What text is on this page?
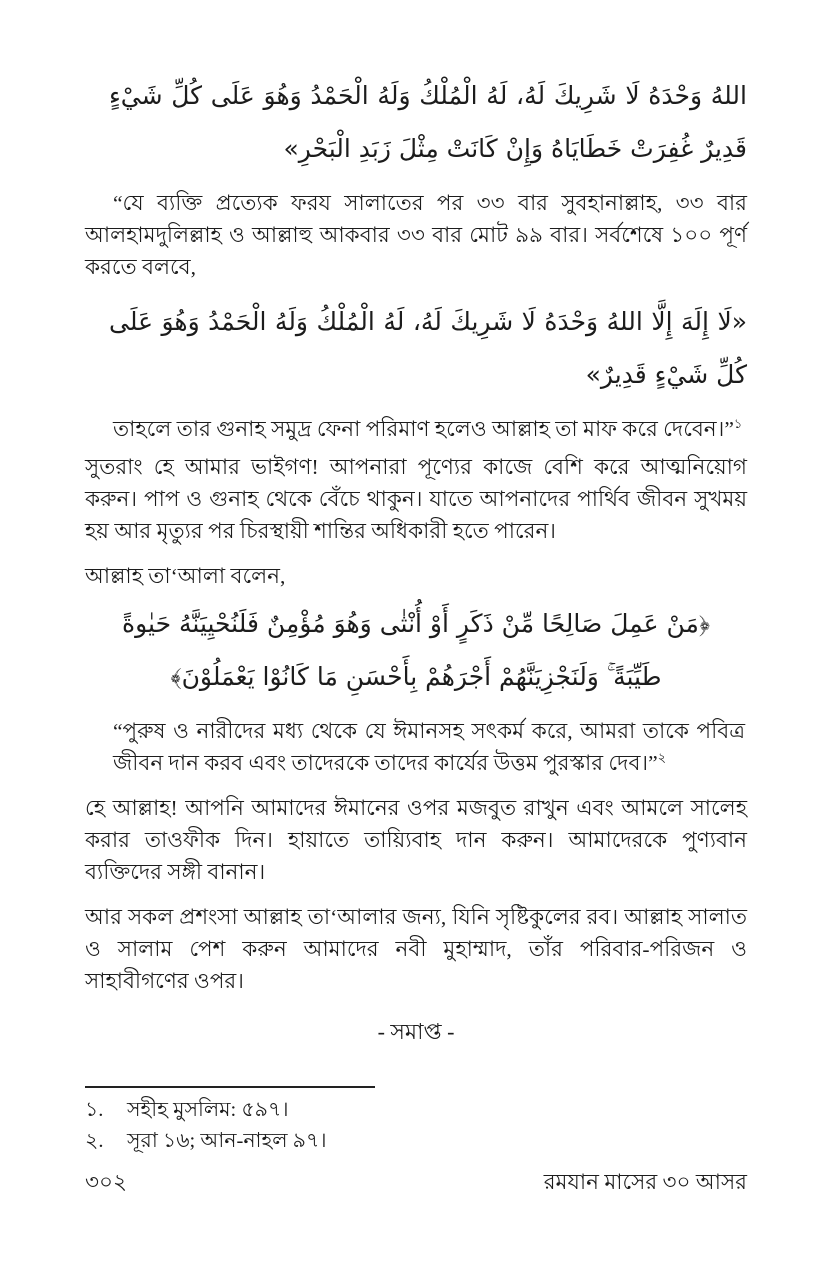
اللهُ وَحْدَهُ لَا شَرِيكَ لَهُ، لَهُ الْمُلْكُ وَلَهُ الْحَمْدُ وَهُوَ عَلَى كُلِّ شَيْءٍ قَدِيرٌ غُفِرَتْ خَطَايَاهُ وَإِنْ كَانَتْ مِثْلَ زَبَدِ الْبَحْرِ»

“যে ব্যক্তি প্রত্যেক ফরয সালাতের পর ৩৩ বার সুবহানাল্লাহ, ৩৩ বার আলহামদুলিল্লাহ ও আল্লাহু আকবার ৩৩ বার মোট ৯৯ বার। সর্বশেষে ১০০ পূর্ণ করতে বলবে,

«لَا إِلَهَ إِلَّا اللهُ وَحْدَهُ لَا شَرِيكَ لَهُ، لَهُ الْمُلْكُ وَلَهُ الْحَمْدُ وَهُوَ عَلَى كُلِّ شَيْءٍ قَدِيرٌ»

তাহলে তার গুনাহ সমুদ্র ফেনা পরিমাণ হলেও আল্লাহ তা মাফ করে দেবেন।”$^১$

সুতরাং হে আমার ভাইগণ! আপনারা পূণ্যের কাজে বেশি করে আত্মনিয়োগ করুন। পাপ ও গুনাহ থেকে বেঁচে থাকুন। যাতে আপনাদের পার্থিব জীবন সুখময় হয় আর মৃত্যুর পর চিরস্থায়ী শান্তির অধিকারী হতে পারেন।

আল্লাহ তা‘আলা বলেন,

﴿مَنْ عَمِلَ صَالِحًا مِّنْ ذَكَرٍ أَوْ أُنْثٰى وَهُوَ مُؤْمِنٌ فَلَنُحْيِيَنَّهُ حَيٰوةً طَيِّبَةً ۚ وَلَنَجْزِيَنَّهُمْ أَجْرَهُمْ بِأَحْسَنِ مَا كَانُوْا يَعْمَلُوْنَ﴾

“পুরুষ ও নারীদের মধ্য থেকে যে ঈমানসহ সৎকর্ম করে, আমরা তাকে পবিত্র জীবন দান করব এবং তাদেরকে তাদের কার্যের উত্তম পুরস্কার দেব।”$^২$

হে আল্লাহ! আপনি আমাদের ঈমানের ওপর মজবুত রাখুন এবং আমলে সালেহ করার তাওফীক দিন। হায়াতে তায়্যিবাহ দান করুন। আমাদেরকে পুণ্যবান ব্যক্তিদের সঙ্গী বানান।

আর সকল প্রশংসা আল্লাহ তা‘আলার জন্য, যিনি সৃষ্টিকুলের রব। আল্লাহ সালাত ও সালাম পেশ করুন আমাদের নবী মুহাম্মাদ, তাঁর পরিবার-পরিজন ও সাহাবীগণের ওপর।

- সমাপ্ত -

১.	সহীহ মুসলিম: ৫৯৭।
২.	সূরা ১৬; আন-নাহল ৯৭।
৩০২	রমযান মাসের ৩০ আসর
